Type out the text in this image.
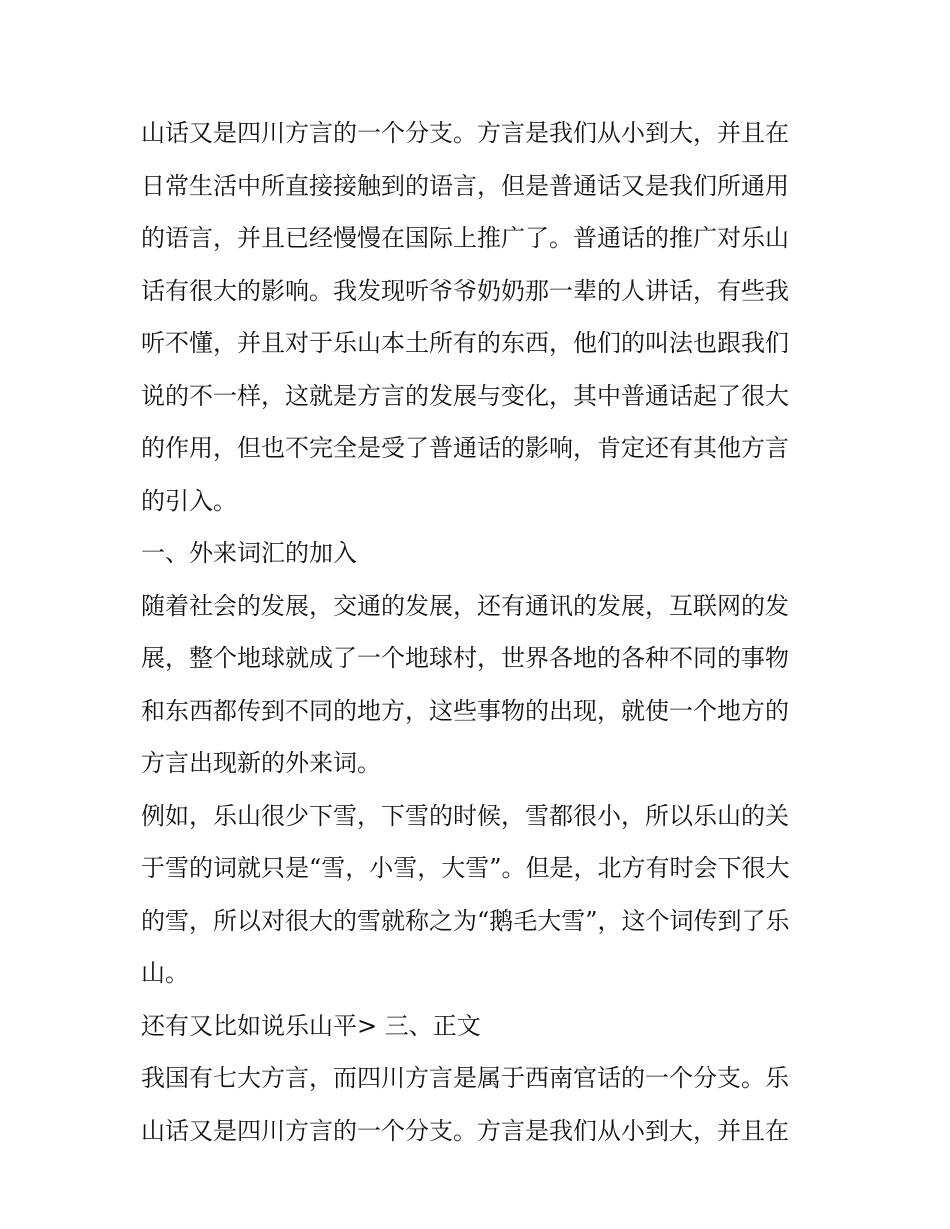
山话又是四川方言的一个分支。方言是我们从小到大，并且在
日常生活中所直接接触到的语言，但是普通话又是我们所通用
的语言，并且已经慢慢在国际上推广了。普通话的推广对乐山
话有很大的影响。我发现听爷爷奶奶那一辈的人讲话，有些我
听不懂，并且对于乐山本土所有的东西，他们的叫法也跟我们
说的不一样，这就是方言的发展与变化，其中普通话起了很大
的作用，但也不完全是受了普通话的影响，肯定还有其他方言
的引入。
一、外来词汇的加入
随着社会的发展，交通的发展，还有通讯的发展，互联网的发
展，整个地球就成了一个地球村，世界各地的各种不同的事物
和东西都传到不同的地方，这些事物的出现，就使一个地方的
方言出现新的外来词。
例如，乐山很少下雪，下雪的时候，雪都很小，所以乐山的关
于雪的词就只是“雪，小雪，大雪”。但是，北方有时会下很大
的雪，所以对很大的雪就称之为“鹅毛大雪”，这个词传到了乐
山。
还有又比如说乐山平> 三、正文
我国有七大方言，而四川方言是属于西南官话的一个分支。乐
山话又是四川方言的一个分支。方言是我们从小到大，并且在
